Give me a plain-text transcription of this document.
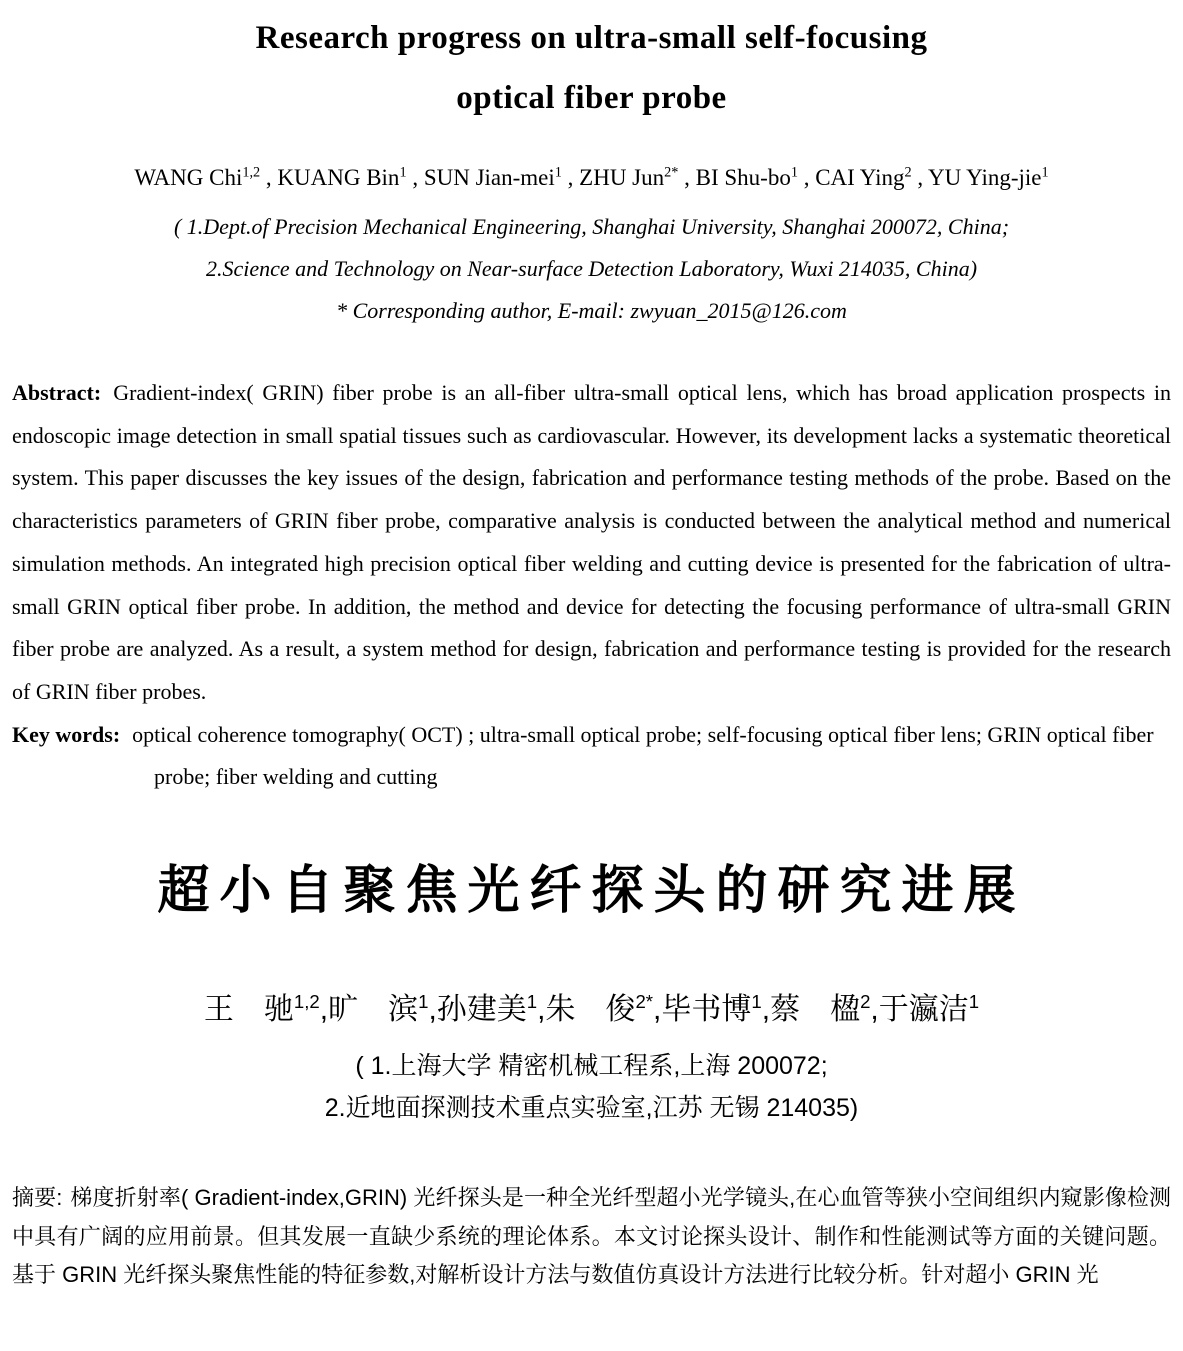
Research progress on ultra-small self-focusing
optical fiber probe
WANG Chi$^{1,2}$ , KUANG Bin$^1$ , SUN Jian-mei$^1$ , ZHU Jun$^{2*}$ , BI Shu-$bo^1$ , CAI Ying$^2$ , YU Ying-jie$^1$
( 1.Dept.of Precision Mechanical Engineering, Shanghai University, Shanghai 200072, China;
2.Science and Technology on Near-surface Detection Laboratory, Wuxi 214035, China)
* Corresponding author, E-mail: zwyuan_2015@126.com

Abstract: Gradient-index( GRIN) fiber probe is an all-fiber ultra-small optical lens, which has broad application prospects in endoscopic image detection in small spatial tissues such as cardiovascular. However, its development lacks a systematic theoretical system. This paper discusses the key issues of the design, fabrication and performance testing methods of the probe. Based on the characteristics parameters of GRIN fiber probe, comparative analysis is conducted between the analytical method and numerical simulation methods. An integrated high precision optical fiber welding and cutting device is presented for the fabrication of ultra-small GRIN optical fiber probe. In addition, the method and device for detecting the focusing performance of ultra-small GRIN fiber probe are analyzed. As a result, a system method for design, fabrication and performance testing is provided for the research of GRIN fiber probes.

Key words: optical coherence tomography( OCT) ; ultra-small optical probe; self-focusing optical fiber lens; GRIN optical fiber probe; fiber welding and cutting

超小自聚焦光纤探头的研究进展
王　驰$^{1,2}$,旷　滨$^1$,孙建美$^1$,朱　俊$^{2*}$,毕书博$^1$,蔡　楹$^2$,于瀛洁$^1$
( 1.上海大学 精密机械工程系,上海 200072;
2.近地面探测技术重点实验室,江苏 无锡 214035)

摘要: 梯度折射率( Gradient-index,GRIN) 光纤探头是一种全光纤型超小光学镜头,在心血管等狭小空间组织内窥影像检测中具有广阔的应用前景。但其发展一直缺少系统的理论体系。本文讨论探头设计、制作和性能测试等方面的关键问题。基于 GRIN 光纤探头聚焦性能的特征参数,对解析设计方法与数值仿真设计方法进行比较分析。针对超小 GRIN 光
